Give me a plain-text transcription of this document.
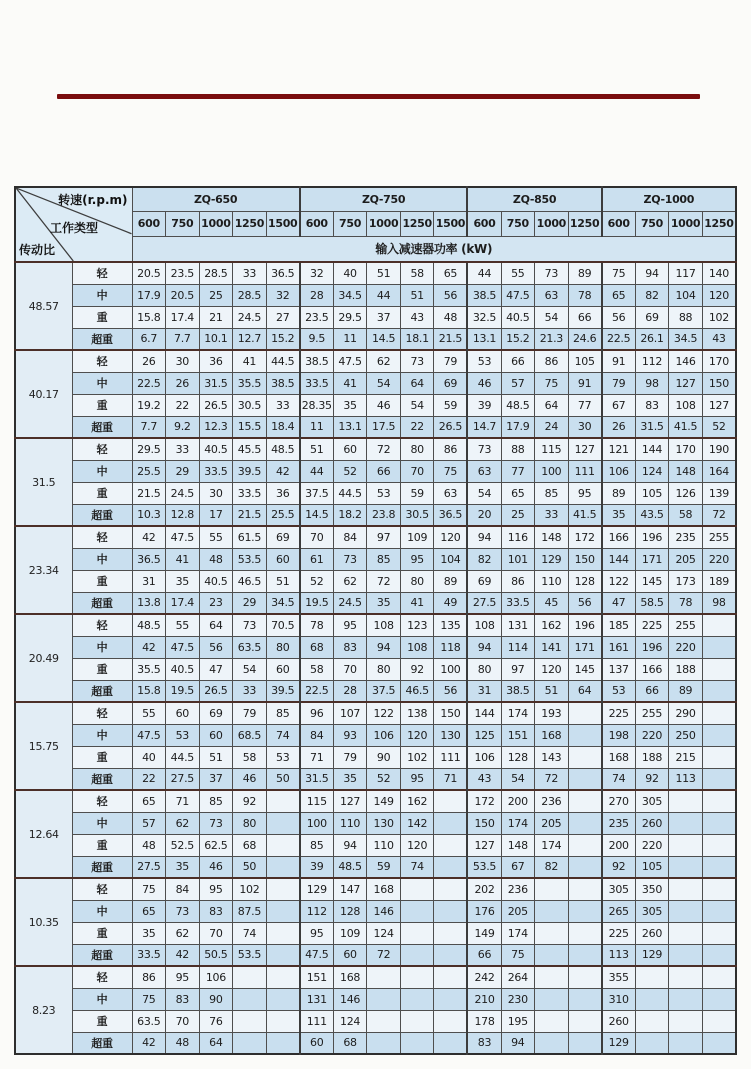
转速(r.p.m)
工作类型
传动比		ZQ-650					ZQ-750					ZQ-850				ZQ-1000			
		600	750	1000	1250	1500	600	750	1000	1250	1500	600	750	1000	1250	600	750	1000	1250
		输入减速器功率 (kW)																	
48.57	轻	20.5	23.5	28.5	33	36.5	32	40	51	58	65	44	55	73	89	75	94	117	140
	中	17.9	20.5	25	28.5	32	28	34.5	44	51	56	38.5	47.5	63	78	65	82	104	120
	重	15.8	17.4	21	24.5	27	23.5	29.5	37	43	48	32.5	40.5	54	66	56	69	88	102
	超重	6.7	7.7	10.1	12.7	15.2	9.5	11	14.5	18.1	21.5	13.1	15.2	21.3	24.6	22.5	26.1	34.5	43
40.17	轻	26	30	36	41	44.5	38.5	47.5	62	73	79	53	66	86	105	91	112	146	170
	中	22.5	26	31.5	35.5	38.5	33.5	41	54	64	69	46	57	75	91	79	98	127	150
	重	19.2	22	26.5	30.5	33	28.35	35	46	54	59	39	48.5	64	77	67	83	108	127
	超重	7.7	9.2	12.3	15.5	18.4	11	13.1	17.5	22	26.5	14.7	17.9	24	30	26	31.5	41.5	52
31.5	轻	29.5	33	40.5	45.5	48.5	51	60	72	80	86	73	88	115	127	121	144	170	190
	中	25.5	29	33.5	39.5	42	44	52	66	70	75	63	77	100	111	106	124	148	164
	重	21.5	24.5	30	33.5	36	37.5	44.5	53	59	63	54	65	85	95	89	105	126	139
	超重	10.3	12.8	17	21.5	25.5	14.5	18.2	23.8	30.5	36.5	20	25	33	41.5	35	43.5	58	72
23.34	轻	42	47.5	55	61.5	69	70	84	97	109	120	94	116	148	172	166	196	235	255
	中	36.5	41	48	53.5	60	61	73	85	95	104	82	101	129	150	144	171	205	220
	重	31	35	40.5	46.5	51	52	62	72	80	89	69	86	110	128	122	145	173	189
	超重	13.8	17.4	23	29	34.5	19.5	24.5	35	41	49	27.5	33.5	45	56	47	58.5	78	98
20.49	轻	48.5	55	64	73	70.5	78	95	108	123	135	108	131	162	196	185	225	255	
	中	42	47.5	56	63.5	80	68	83	94	108	118	94	114	141	171	161	196	220	
	重	35.5	40.5	47	54	60	58	70	80	92	100	80	97	120	145	137	166	188	
	超重	15.8	19.5	26.5	33	39.5	22.5	28	37.5	46.5	56	31	38.5	51	64	53	66	89	
15.75	轻	55	60	69	79	85	96	107	122	138	150	144	174	193		225	255	290	
	中	47.5	53	60	68.5	74	84	93	106	120	130	125	151	168		198	220	250	
	重	40	44.5	51	58	53	71	79	90	102	111	106	128	143		168	188	215	
	超重	22	27.5	37	46	50	31.5	35	52	95	71	43	54	72		74	92	113	
12.64	轻	65	71	85	92		115	127	149	162		172	200	236		270	305		
	中	57	62	73	80		100	110	130	142		150	174	205		235	260		
	重	48	52.5	62.5	68		85	94	110	120		127	148	174		200	220		
	超重	27.5	35	46	50		39	48.5	59	74		53.5	67	82		92	105		
10.35	轻	75	84	95	102		129	147	168			202	236			305	350		
	中	65	73	83	87.5		112	128	146			176	205			265	305		
	重	35	62	70	74		95	109	124			149	174			225	260		
	超重	33.5	42	50.5	53.5		47.5	60	72			66	75			113	129		
8.23	轻	86	95	106			151	168				242	264			355			
	中	75	83	90			131	146				210	230			310			
	重	63.5	70	76			111	124				178	195			260			
	超重	42	48	64			60	68				83	94			129			
